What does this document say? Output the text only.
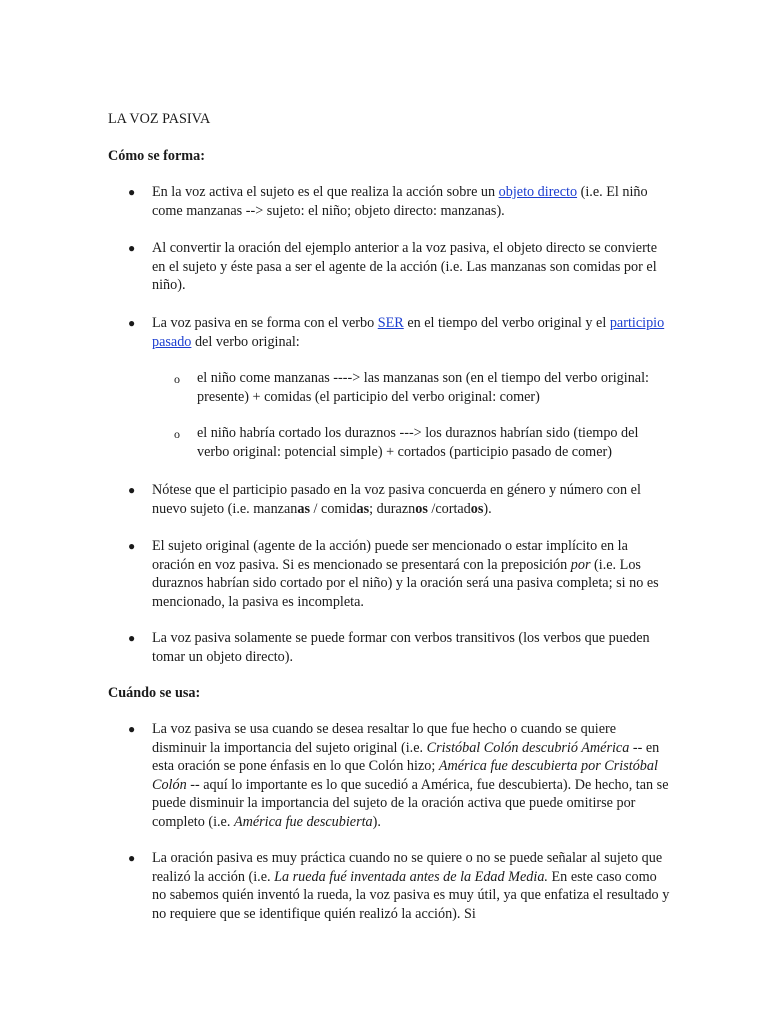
LA VOZ PASIVA
Cómo se forma:
● En la voz activa el sujeto es el que realiza la acción sobre un objeto directo (i.e. El niño come manzanas --> sujeto: el niño; objeto directo: manzanas).

● Al convertir la oración del ejemplo anterior a la voz pasiva, el objeto directo se convierte en el sujeto y éste pasa a ser el agente de la acción (i.e. Las manzanas son comidas por el niño).

● La voz pasiva en se forma con el verbo SER en el tiempo del verbo original y el participio pasado del verbo original:

o el niño come manzanas ----> las manzanas son (en el tiempo del verbo original: presente) + comidas (el participio del verbo original: comer)

o el niño habría cortado los duraznos ---> los duraznos habrían sido (tiempo del verbo original: potencial simple) + cortados (participio pasado de comer)

● Nótese que el participio pasado en la voz pasiva concuerda en género y número con el nuevo sujeto (i.e. manzanas / comidas; duraznos /cortados).

● El sujeto original (agente de la acción) puede ser mencionado o estar implícito en la oración en voz pasiva. Si es mencionado se presentará con la preposición por (i.e. Los duraznos habrían sido cortado por el niño) y la oración será una pasiva completa; si no es mencionado, la pasiva es incompleta.

● La voz pasiva solamente se puede formar con verbos transitivos (los verbos que pueden tomar un objeto directo).

Cuándo se usa:
● La voz pasiva se usa cuando se desea resaltar lo que fue hecho o cuando se quiere disminuir la importancia del sujeto original (i.e. Cristóbal Colón descubrió América -- en esta oración se pone énfasis en lo que Colón hizo; América fue descubierta por Cristóbal Colón -- aquí lo importante es lo que sucedió a América, fue descubierta). De hecho, tan se puede disminuir la importancia del sujeto de la oración activa que puede omitirse por completo (i.e. América fue descubierta).

● La oración pasiva es muy práctica cuando no se quiere o no se puede señalar al sujeto que realizó la acción (i.e. La rueda fué inventada antes de la Edad Media. En este caso como no sabemos quién inventó la rueda, la voz pasiva es muy útil, ya que enfatiza el resultado y no requiere que se identifique quién realizó la acción). Si
